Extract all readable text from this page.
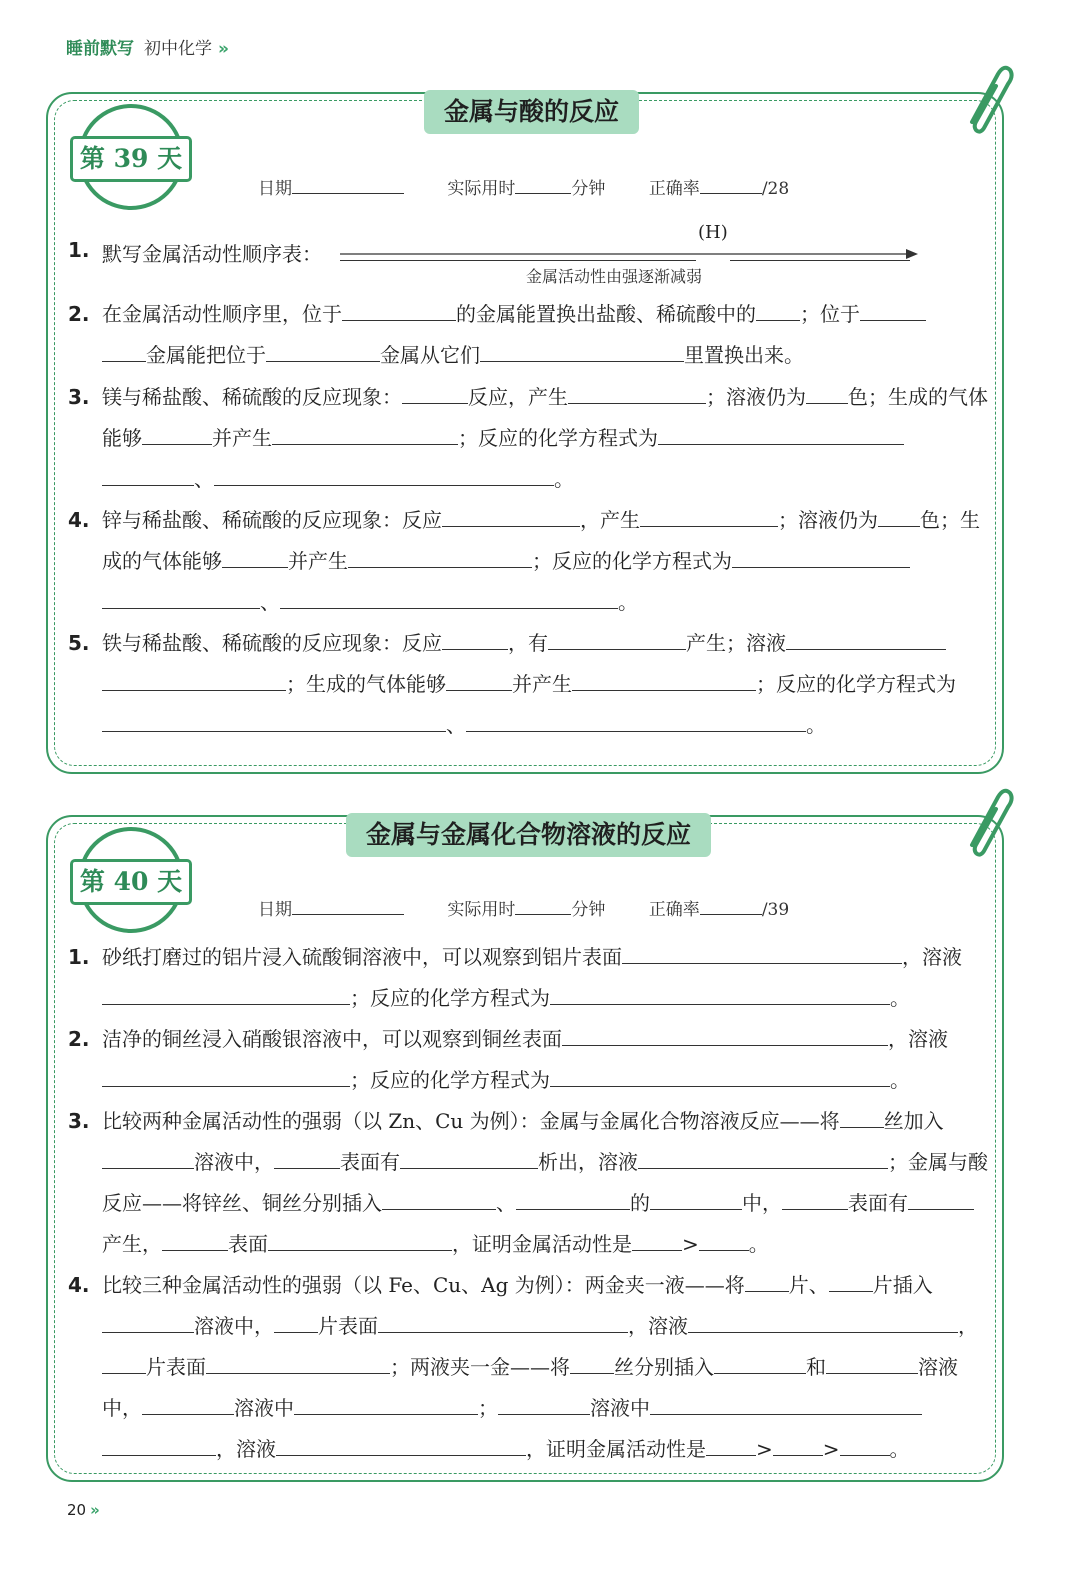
睡前默写 初中化学 »
金属与酸的反应
第 39 天
日期	实际用时	分钟	正确率	/28
1. 默写金属活动性顺序表：
(H)
金属活动性由强逐渐减弱
2. 在金属活动性顺序里，位于	的金属能置换出盐酸、稀硫酸中的 ；位于
金属能把位于	金属从它们	里置换出来。
3. 镁与稀盐酸、稀硫酸的反应现象：	反应，产生	；溶液仍为 色；生成的气体能够	并产生	；反应的化学方程式为
、	。
4. 锌与稀盐酸、稀硫酸的反应现象：反应	，产生	；溶液仍为 色；生成的气体能够	并产生	；反应的化学方程式为
、	。
5. 铁与稀盐酸、稀硫酸的反应现象：反应	，有	产生；溶液
；生成的气体能够	并产生	；反应的化学方程式为、	。
金属与金属化合物溶液的反应
第 40 天
日期	实际用时	分钟	正确率	/39
1. 砂纸打磨过的铝片浸入硫酸铜溶液中，可以观察到铝片表面	，溶液；反应的化学方程式为	。
2. 洁净的铜丝浸入硝酸银溶液中，可以观察到铜丝表面	，溶液；反应的化学方程式为	。
3. 比较两种金属活动性的强弱（以 Zn、Cu 为例）：金属与金属化合物溶液反应——将 丝加入溶液中，	表面有	析出，溶液	；金属与酸反应——将锌丝、铜丝分别插入	、	的	中，	表面有产生，	表面	，证明金属活动性是	>	。
4. 比较三种金属活动性的强弱（以 Fe、Cu、Ag 为例）：两金夹一液——将 片、 片插入溶液中， 片表面	，溶液	，片表面	；两液夹一金——将 丝分别插入	和	溶液中，	溶液中	；	溶液中
，溶液	，证明金属活动性是	>	>	。
20 »
